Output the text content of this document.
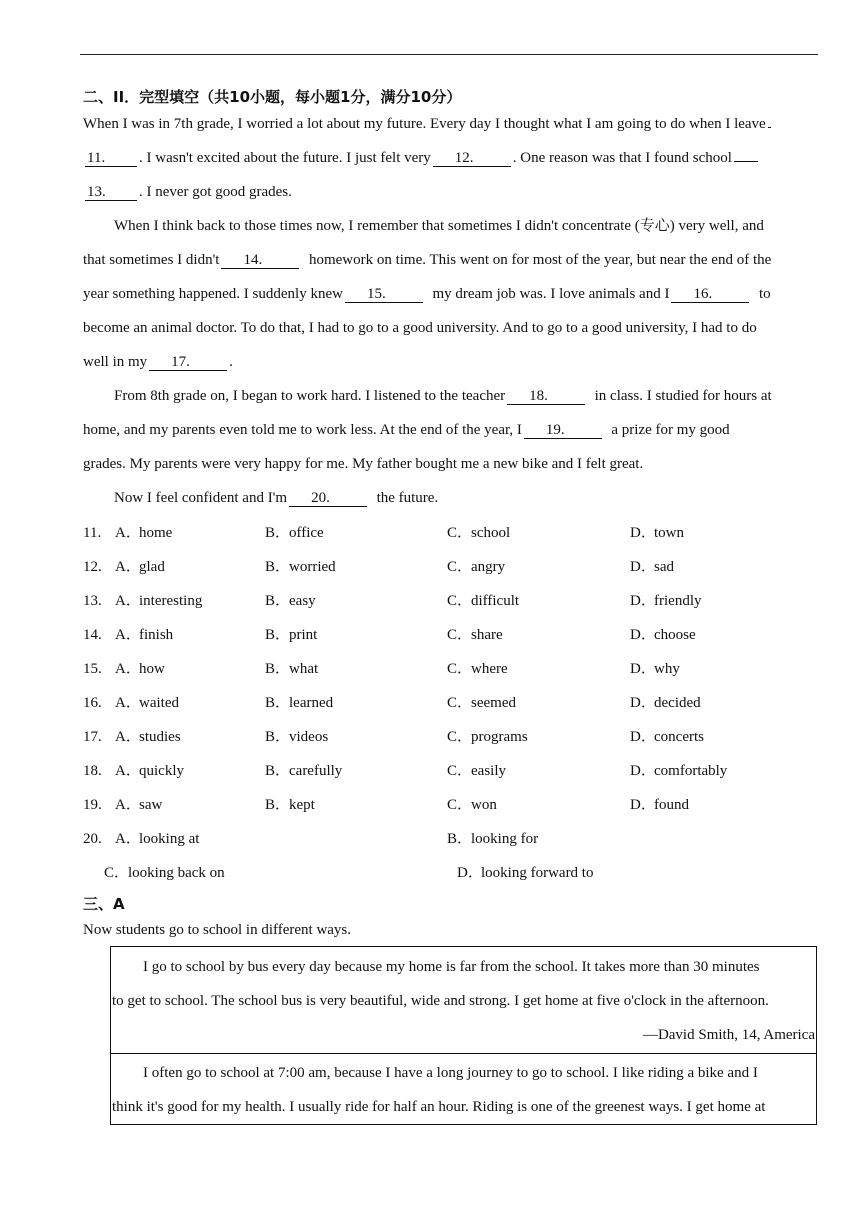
二、II．完型填空（共10小题，每小题1分，满分10分）
When I was in 7th grade, I worried a lot about my future. Every day I thought what I am going to do when I leave
11. . I wasn't excited about the future. I just felt very 12.	. One reason was that I found school
13. . I never got good grades.
When I think back to those times now, I remember that sometimes I didn't concentrate (专心) very well, and
that sometimes I didn't 14.	homework on time. This went on for most of the year, but near the end of the
year something happened. I suddenly knew 15.	my dream job was. I love animals and I 16.	to
become an animal doctor. To do that, I had to go to a good university. And to go to a good university, I had to do
well in my 17.	.
From 8th grade on, I began to work hard. I listened to the teacher 18.	in class. I studied for hours at
home, and my parents even told me to work less. At the end of the year, I 19.	a prize for my good
grades. My parents were very happy for me. My father bought me a new bike and I felt great.
Now I feel confident and I'm 20.	the future.
11. A．home	B．office	C．school	D．town
12. A．glad	B．worried	C．angry	D．sad
13. A．interesting	B．easy	C．difficult	D．friendly
14. A．finish	B．print	C．share	D．choose
15. A．how	B．what	C．where	D．why
16. A．waited	B．learned	C．seemed	D．decided
17. A．studies	B．videos	C．programs	D．concerts
18. A．quickly	B．carefully	C．easily	D．comfortably
19. A．saw	B．kept	C．won	D．found
20. A．looking at	B．looking for
C．looking back on	D．looking forward to
三、A
Now students go to school in different ways.
I go to school by bus every day because my home is far from the school. It takes more than 30 minutes
to get to school. The school bus is very beautiful, wide and strong. I get home at five o'clock in the afternoon.
—David Smith, 14, America
I often go to school at 7:00 am, because I have a long journey to go to school. I like riding a bike and I
think it's good for my health. I usually ride for half an hour. Riding is one of the greenest ways. I get home at
